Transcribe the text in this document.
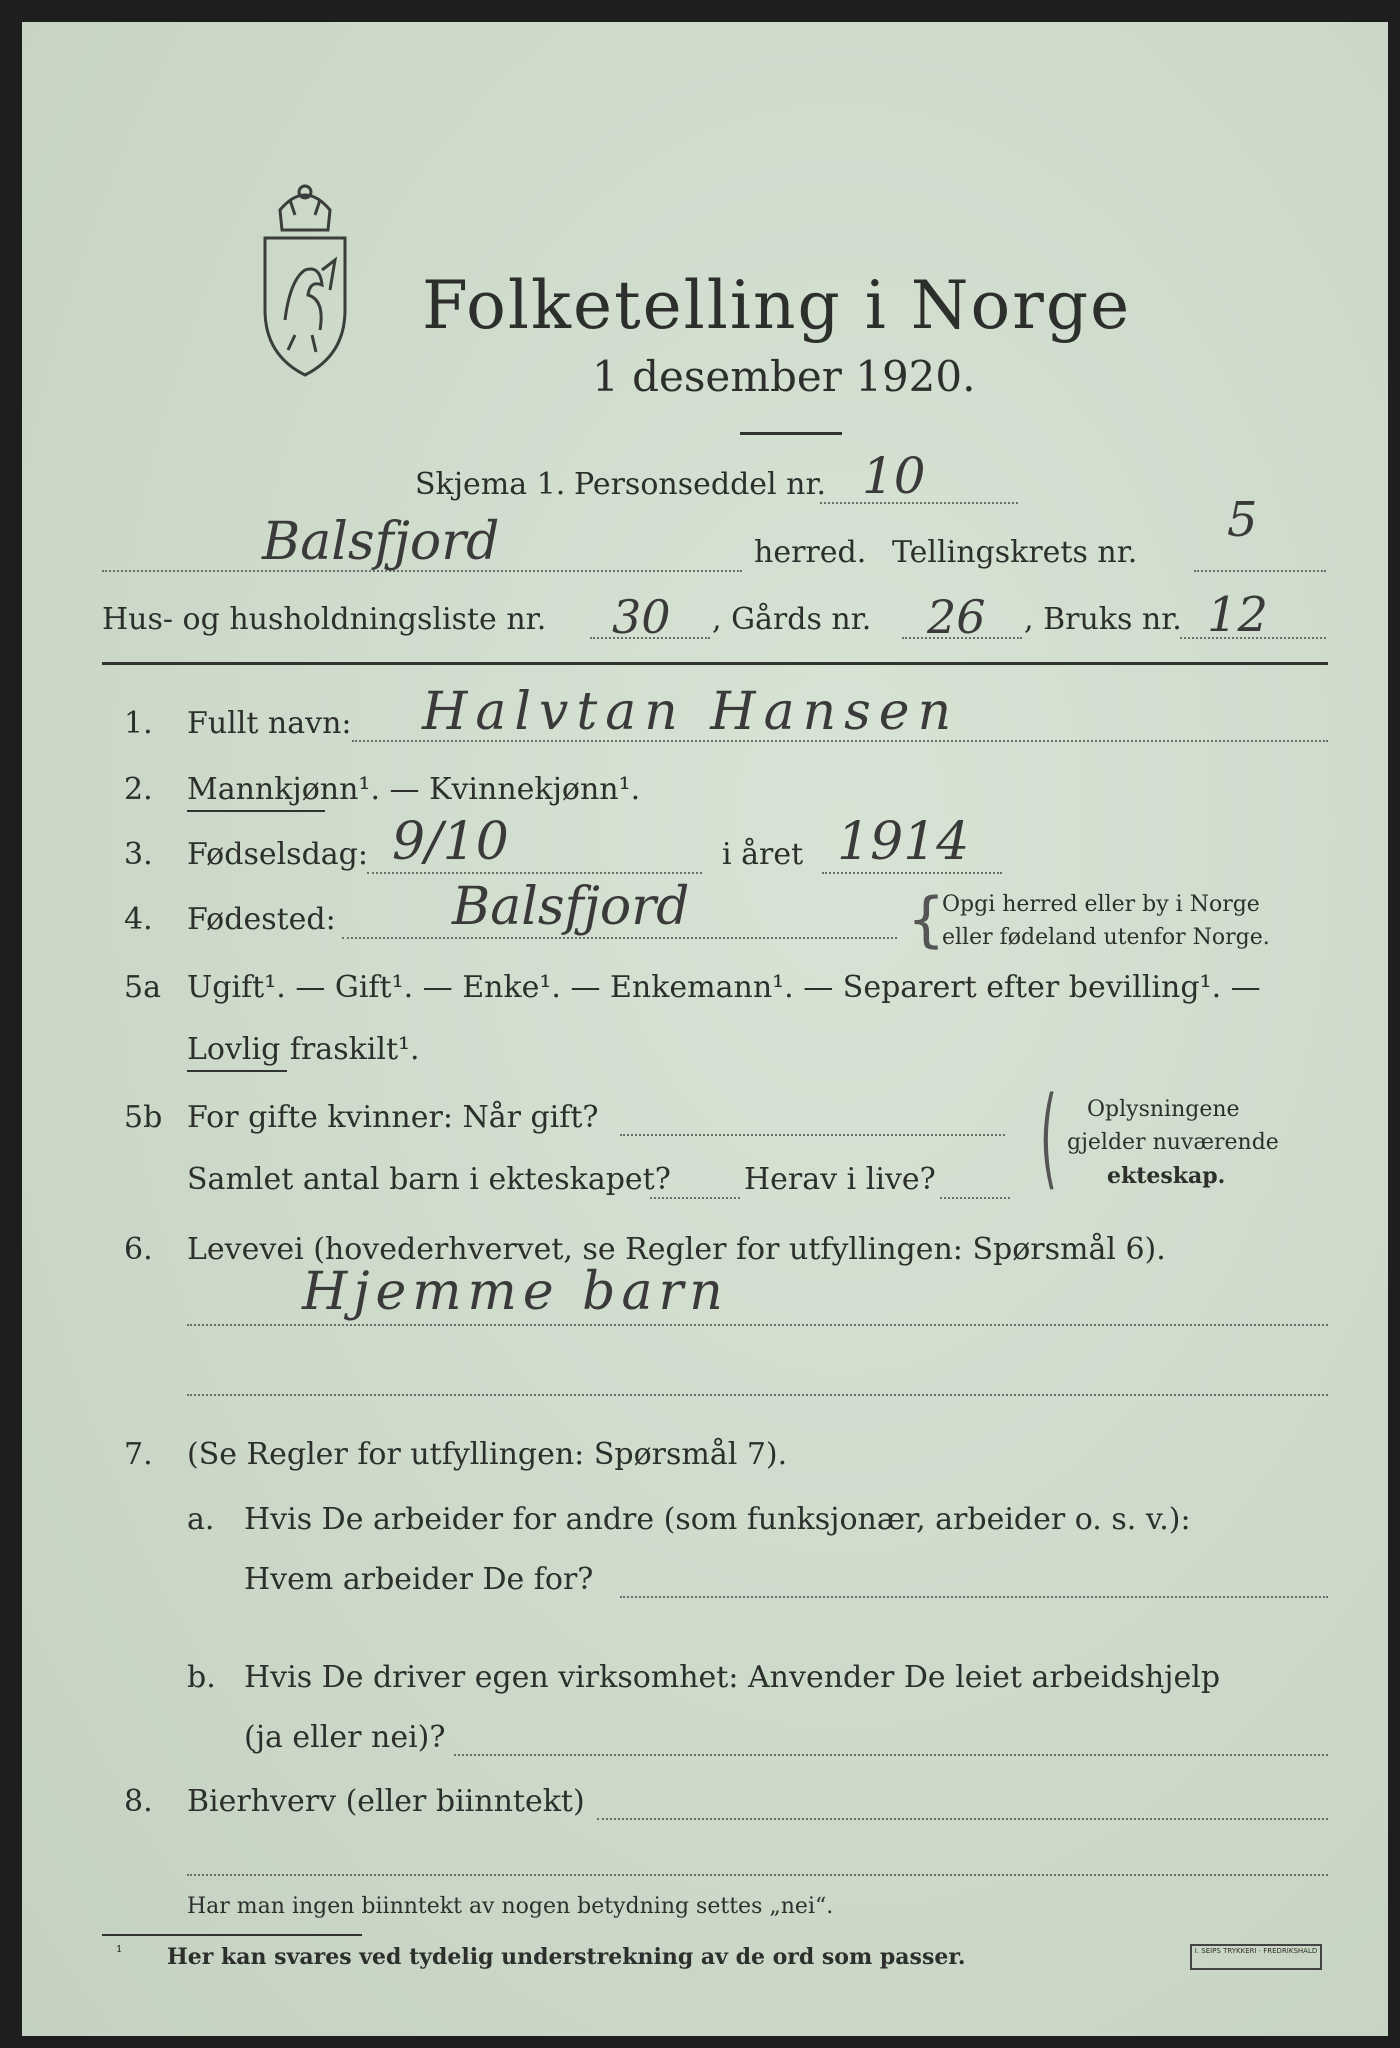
Folketelling i Norge
1 desember 1920.
Skjema 1. Personseddel nr. 10
Balsfjord	herred. Tellingskrets nr.
5
Hus- og husholdningsliste nr. 30 , Gårds nr. 26 , Bruks nr. 12
1. Fullt navn: Halvtan Hansen
2. Mannkjønn¹. — Kvinnekjønn¹.
3. Fødselsdag: 9/10	i året 1914
4. Fødested: Balsfjord	{
Opgi herred eller by i Norge
eller fødeland utenfor Norge.
5a Ugift¹. — Gift¹. — Enke¹. — Enkemann¹. — Separert efter bevilling¹. —
Lovlig fraskilt¹.
5b For gifte kvinner: Når gift?
Samlet antal barn i ekteskapet? Herav i live? ( Oplysningene
gjelder nuværende
ekteskap.
6. Levevei (hovederhvervet, se Regler for utfyllingen: Spørsmål 6).
Hjemme barn
7. (Se Regler for utfyllingen: Spørsmål 7).
a. Hvis De arbeider for andre (som funksjonær, arbeider o. s. v.):
Hvem arbeider De for?
b. Hvis De driver egen virksomhet: Anvender De leiet arbeidshjelp
(ja eller nei)?
8. Bierhverv (eller biinntekt)
Har man ingen biinntekt av nogen betydning settes „nei“.
¹ Her kan svares ved tydelig understrekning av de ord som passer.	I. SEIPS TRYKKERI · FREDRIKSHALD
